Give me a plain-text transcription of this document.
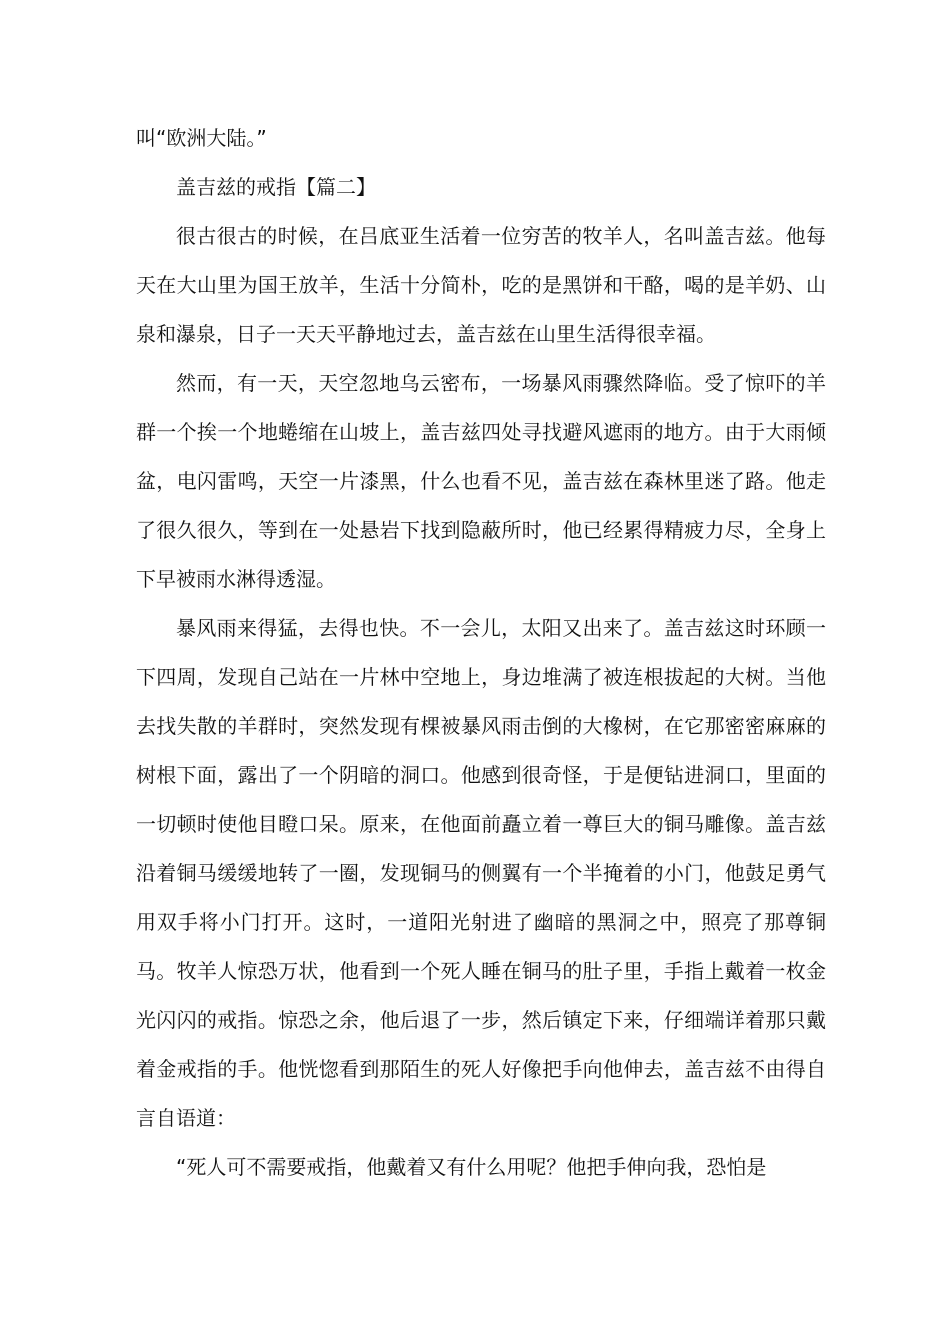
叫“欧洲大陆。”

盖吉兹的戒指【篇二】

很古很古的时候，在吕底亚生活着一位穷苦的牧羊人，名叫盖吉兹。他每天在大山里为国王放羊，生活十分简朴，吃的是黑饼和干酪，喝的是羊奶、山泉和瀑泉，日子一天天平静地过去，盖吉兹在山里生活得很幸福。

然而，有一天，天空忽地乌云密布，一场暴风雨骤然降临。受了惊吓的羊群一个挨一个地蜷缩在山坡上，盖吉兹四处寻找避风遮雨的地方。由于大雨倾盆，电闪雷鸣，天空一片漆黑，什么也看不见，盖吉兹在森林里迷了路。他走了很久很久，等到在一处悬岩下找到隐蔽所时，他已经累得精疲力尽，全身上下早被雨水淋得透湿。

暴风雨来得猛，去得也快。不一会儿，太阳又出来了。盖吉兹这时环顾一下四周，发现自己站在一片林中空地上，身边堆满了被连根拔起的大树。当他去找失散的羊群时，突然发现有棵被暴风雨击倒的大橡树，在它那密密麻麻的树根下面，露出了一个阴暗的洞口。他感到很奇怪，于是便钻进洞口，里面的一切顿时使他目瞪口呆。原来，在他面前矗立着一尊巨大的铜马雕像。盖吉兹沿着铜马缓缓地转了一圈，发现铜马的侧翼有一个半掩着的小门，他鼓足勇气用双手将小门打开。这时，一道阳光射进了幽暗的黑洞之中，照亮了那尊铜马。牧羊人惊恐万状，他看到一个死人睡在铜马的肚子里，手指上戴着一枚金光闪闪的戒指。惊恐之余，他后退了一步，然后镇定下来，仔细端详着那只戴着金戒指的手。他恍惚看到那陌生的死人好像把手向他伸去，盖吉兹不由得自言自语道：

“死人可不需要戒指，他戴着又有什么用呢？他把手伸向我，恐怕是
